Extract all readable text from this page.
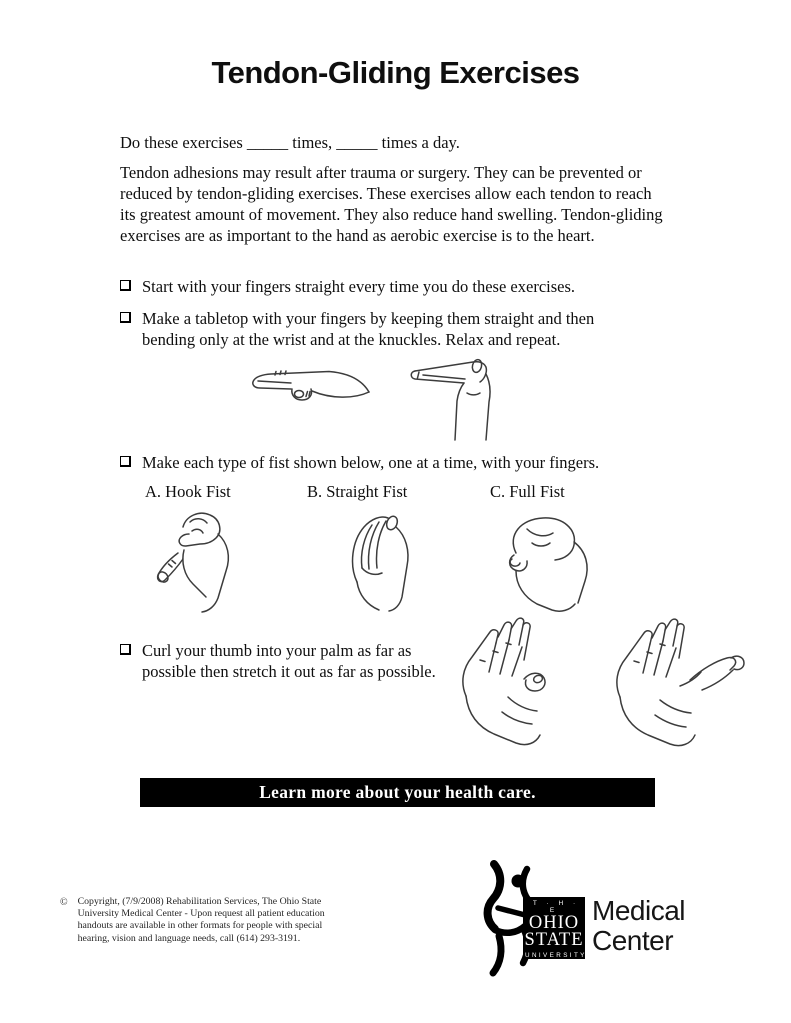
Tendon-Gliding Exercises

Do these exercises _____ times, _____ times a day.

Tendon adhesions may result after trauma or surgery. They can be prevented or reduced by tendon-gliding exercises. These exercises allow each tendon to reach its greatest amount of movement. They also reduce hand swelling. Tendon-gliding exercises are as important to the hand as aerobic exercise is to the heart.

Start with your fingers straight every time you do these exercises.
Make a tabletop with your fingers by keeping them straight and then bending only at the wrist and at the knuckles. Relax and repeat.
Make each type of fist shown below, one at a time, with your fingers.
A. Hook Fist	B. Straight Fist	C. Full Fist
Curl your thumb into your palm as far as possible then stretch it out as far as possible.
Learn more about your health care.
© Copyright, (7/9/2008) Rehabilitation Services, The Ohio State
University Medical Center - Upon request all patient education
handouts are available in other formats for people with special
hearing, vision and language needs, call (614) 293-3191.
T · H · E
OHIO
STATE
UNIVERSITY
Medical
Center
